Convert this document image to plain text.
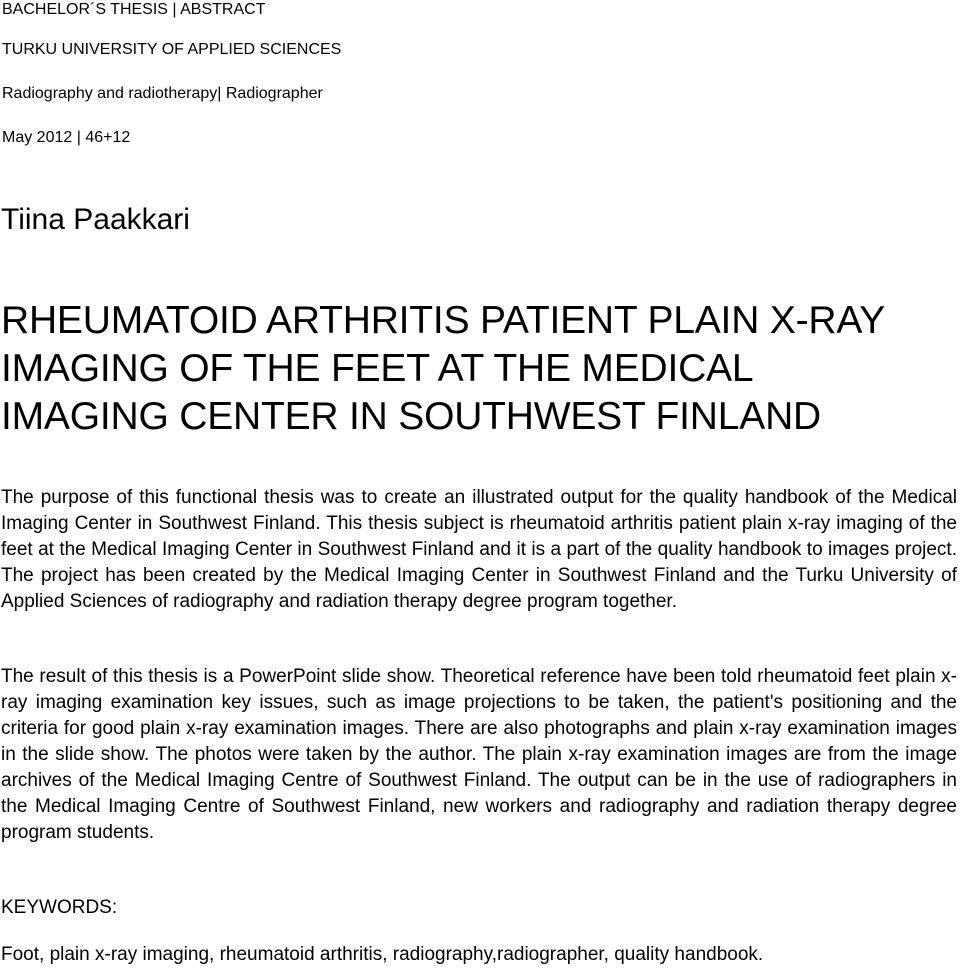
BACHELOR´S THESIS | ABSTRACT
TURKU UNIVERSITY OF APPLIED SCIENCES
Radiography and radiotherapy| Radiographer
May 2012 | 46+12
Tiina Paakkari
RHEUMATOID ARTHRITIS PATIENT PLAIN X-RAY
IMAGING OF THE FEET AT THE MEDICAL
IMAGING CENTER IN SOUTHWEST FINLAND

The purpose of this functional thesis was to create an illustrated output for the quality handbook of the Medical Imaging Center in Southwest Finland. This thesis subject is rheumatoid arthritis patient plain x-ray imaging of the feet at the Medical Imaging Center in Southwest Finland and it is a part of the quality handbook to images project. The project has been created by the Medical Imaging Center in Southwest Finland and the Turku University of Applied Sciences of radiography and radiation therapy degree program together.

The result of this thesis is a PowerPoint slide show. Theoretical reference have been told rheumatoid feet plain x-ray imaging examination key issues, such as image projections to be taken, the patient's positioning and the criteria for good plain x-ray examination images. There are also photographs and plain x-ray examination images in the slide show. The photos were taken by the author. The plain x-ray examination images are from the image archives of the Medical Imaging Centre of Southwest Finland. The output can be in the use of radiographers in the Medical Imaging Centre of Southwest Finland, new workers and radiography and radiation therapy degree program students.

KEYWORDS:
Foot, plain x-ray imaging, rheumatoid arthritis, radiography,radiographer, quality handbook.
